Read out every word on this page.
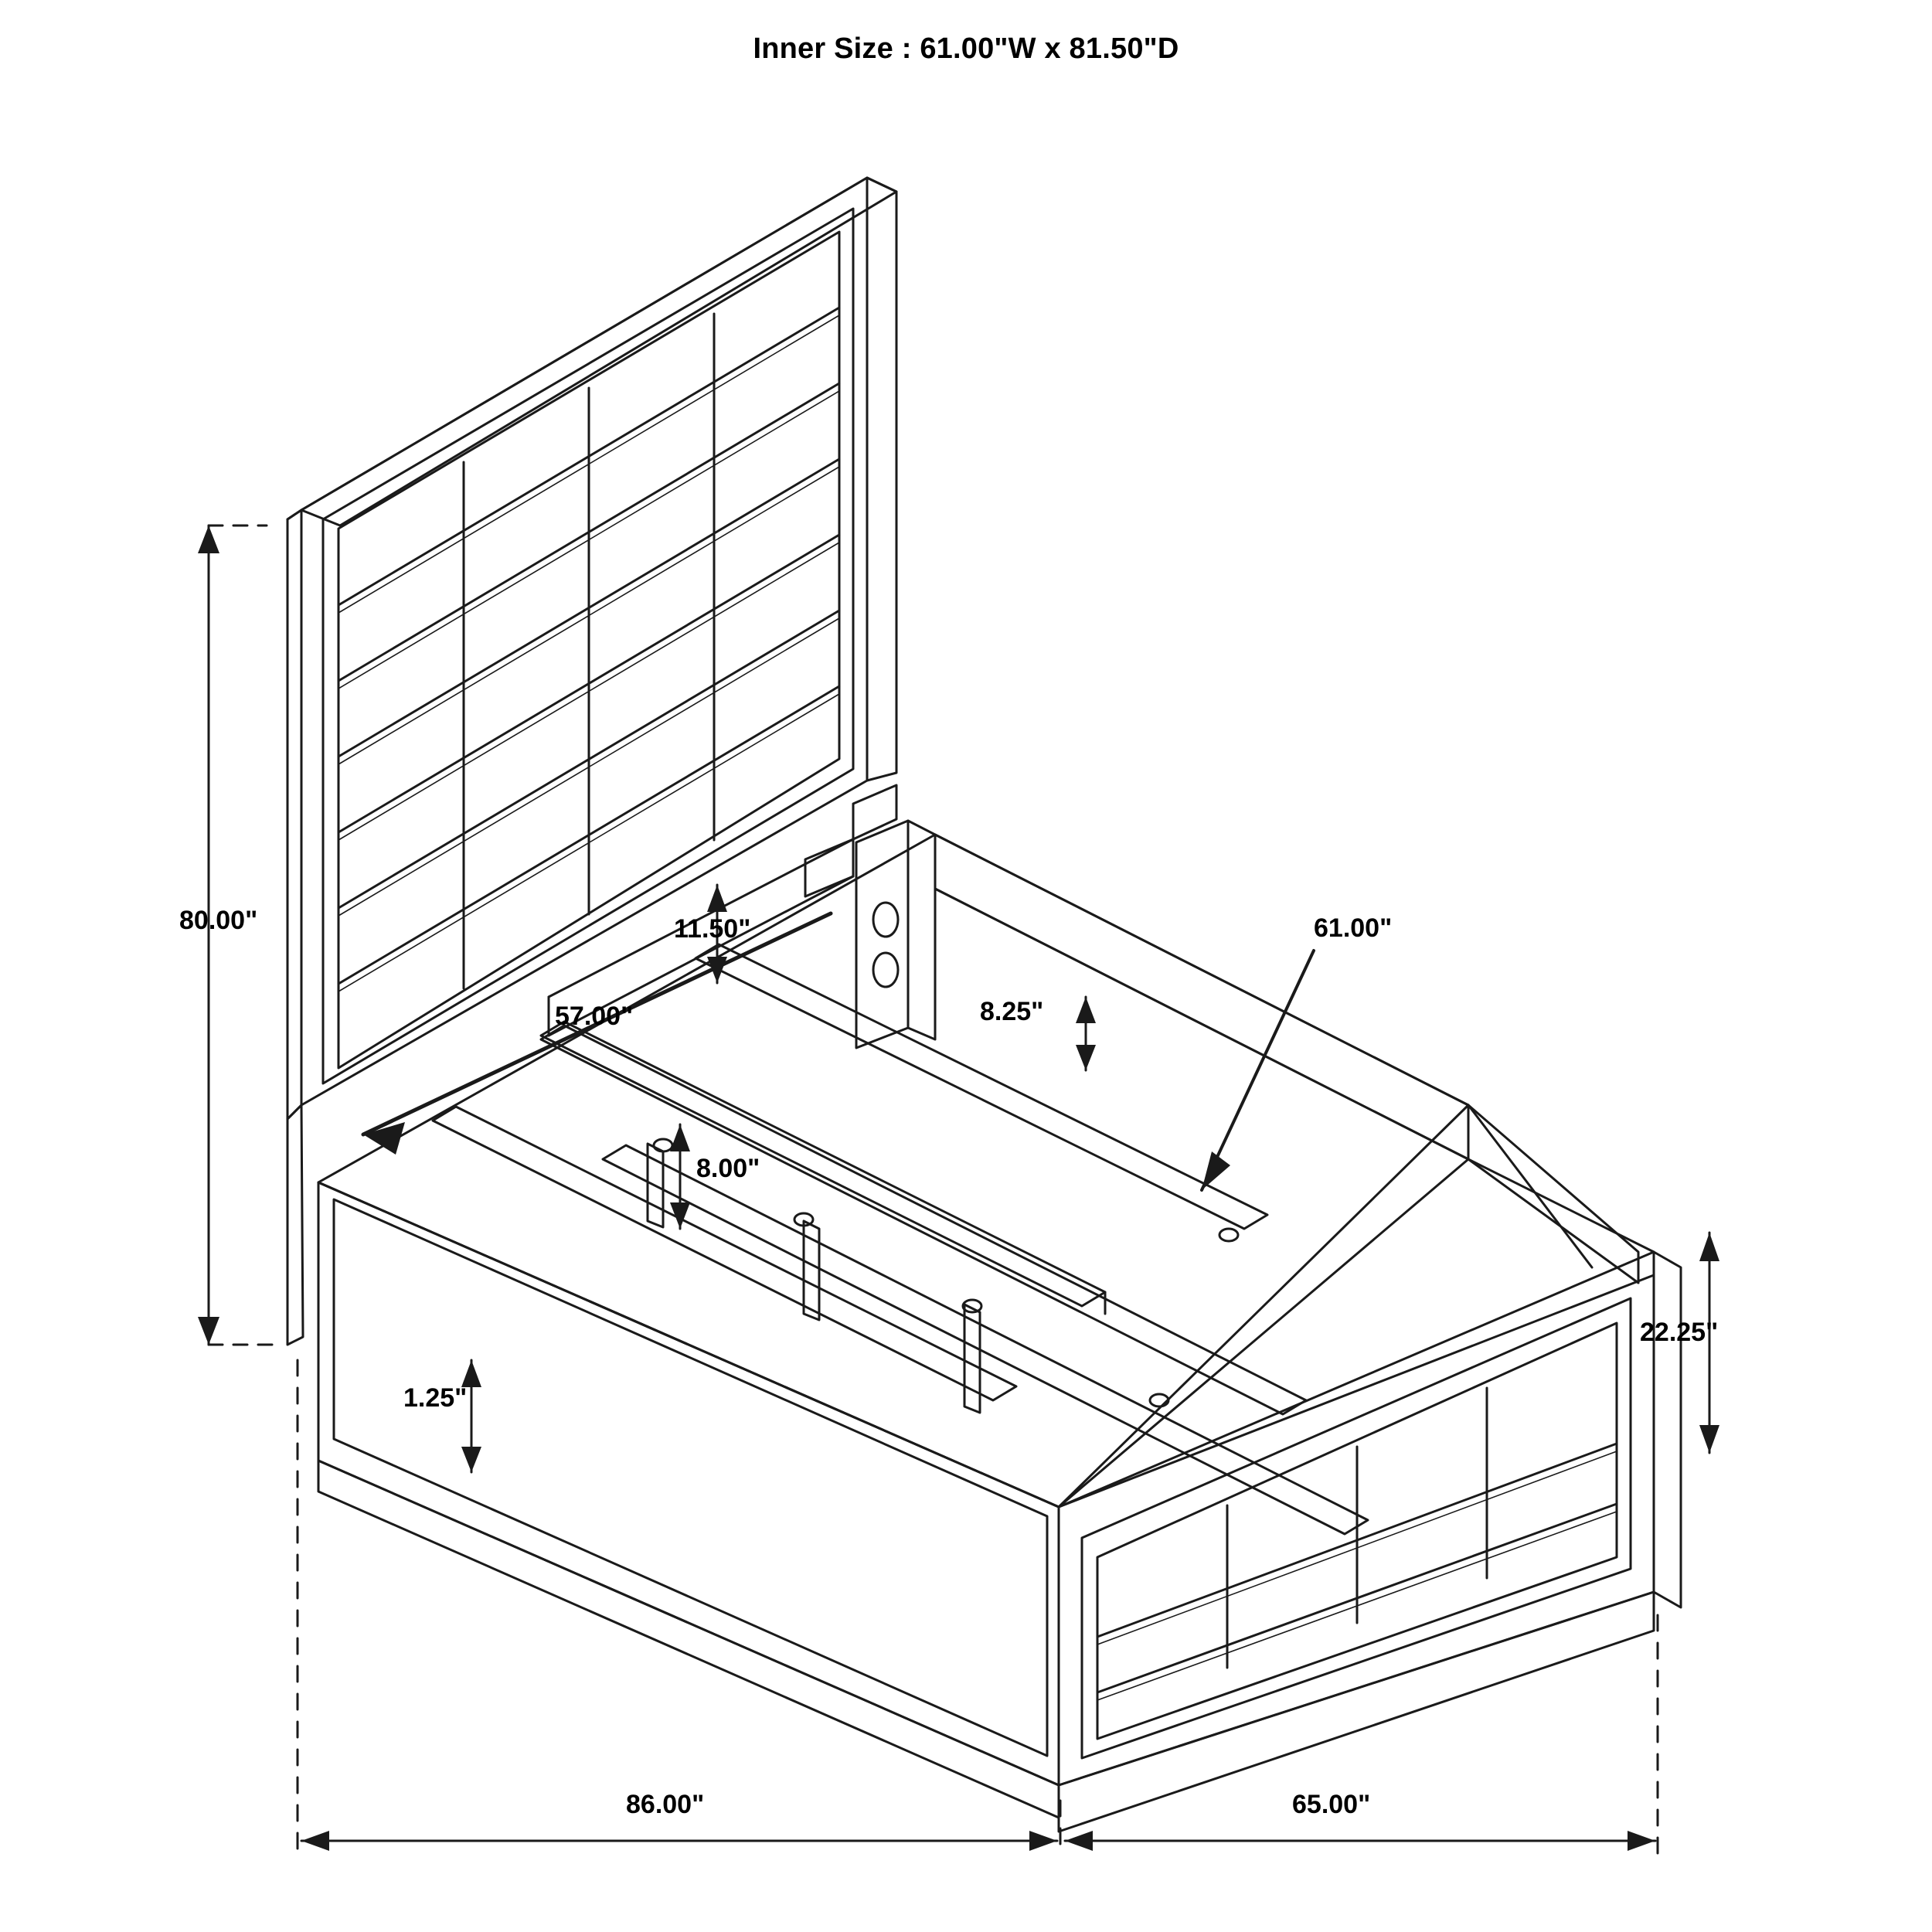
Inner Size : 61.00"W x 81.50"D
80.00"
57.00"
11.50"
8.25"
8.00"
61.00"
1.25"
22.25"
86.00"	65.00"
